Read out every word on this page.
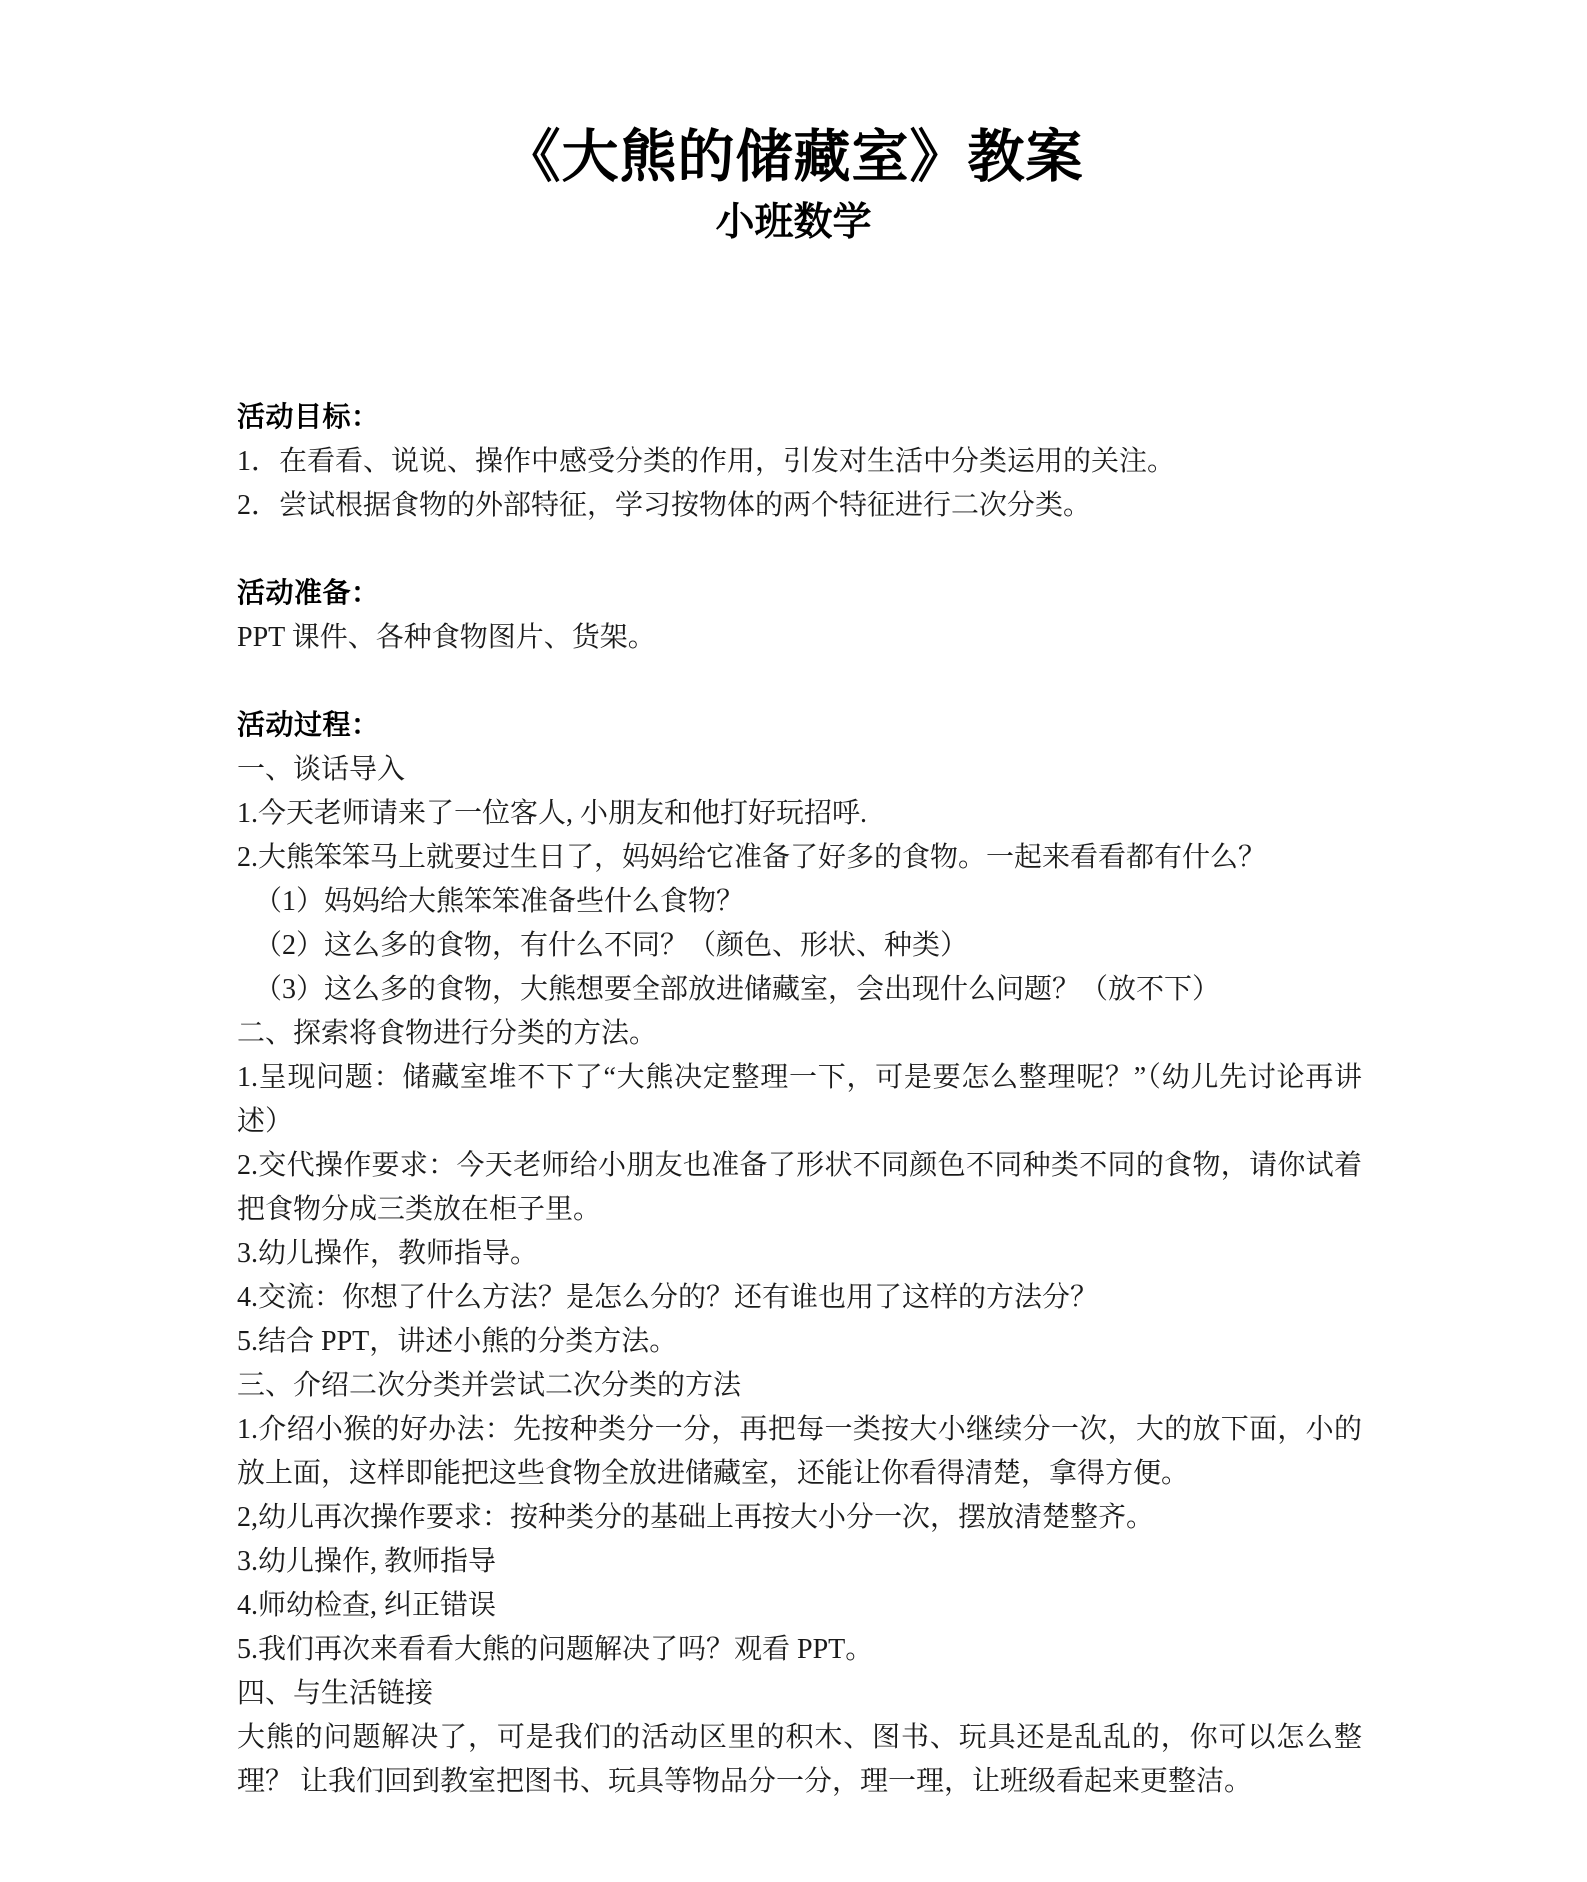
《大熊的储藏室》教案
小班数学
活动目标：
1．在看看、说说、操作中感受分类的作用，引发对生活中分类运用的关注。
2．尝试根据食物的外部特征，学习按物体的两个特征进行二次分类。
活动准备：
PPT 课件、各种食物图片、货架。
活动过程：
一、谈话导入
1.今天老师请来了一位客人, 小朋友和他打好玩招呼.
2.大熊笨笨马上就要过生日了，妈妈给它准备了好多的食物。一起来看看都有什么？
（1）妈妈给大熊笨笨准备些什么食物？
（2）这么多的食物，有什么不同？（颜色、形状、种类）
（3）这么多的食物，大熊想要全部放进储藏室，会出现什么问题？（放不下）
二、探索将食物进行分类的方法。
1.呈现问题：储藏室堆不下了“大熊决定整理一下，可是要怎么整理呢？”（幼儿先讨论再讲述）
2.交代操作要求：今天老师给小朋友也准备了形状不同颜色不同种类不同的食物，请你试着把食物分成三类放在柜子里。
3.幼儿操作，教师指导。
4.交流：你想了什么方法？是怎么分的？还有谁也用了这样的方法分？
5.结合 PPT，讲述小熊的分类方法。
三、介绍二次分类并尝试二次分类的方法
1.介绍小猴的好办法：先按种类分一分，再把每一类按大小继续分一次，大的放下面，小的放上面，这样即能把这些食物全放进储藏室，还能让你看得清楚，拿得方便。
2,幼儿再次操作要求：按种类分的基础上再按大小分一次，摆放清楚整齐。
3.幼儿操作, 教师指导
4.师幼检查, 纠正错误
5.我们再次来看看大熊的问题解决了吗？观看 PPT。
四、与生活链接
大熊的问题解决了，可是我们的活动区里的积木、图书、玩具还是乱乱的，你可以怎么整理？ 让我们回到教室把图书、玩具等物品分一分，理一理，让班级看起来更整洁。
